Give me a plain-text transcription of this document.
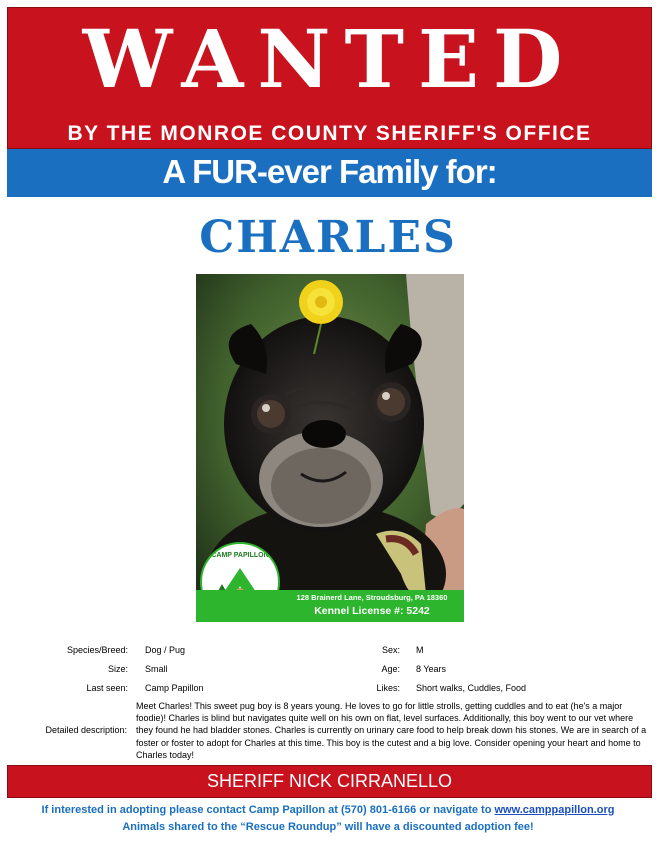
WANTED
BY THE MONROE COUNTY SHERIFF'S OFFICE
A FUR-ever Family for:
CHARLES
CAMP PAPILLON
128 Brainerd Lane, Stroudsburg, PA 18360
Kennel License #: 5242
Species/Breed: Dog / Pug	Sex: M
Size: Small	Age: 8 Years
Last seen: Camp Papillon	Likes: Short walks, Cuddles, Food
Detailed description:
Meet Charles! This sweet pug boy is 8 years young. He loves to go for little strolls, getting cuddles and to eat (he's a major foodie)! Charles is blind but navigates quite well on his own on flat, level surfaces. Additionally, this boy went to our vet where they found he had bladder stones. Charles is currently on urinary care food to help break down his stones. We are in search of a foster or foster to adopt for Charles at this time. This boy is the cutest and a big love. Consider opening your heart and home to Charles today!
SHERIFF NICK CIRRANELLO
If interested in adopting please contact Camp Papillon at (570) 801-6166 or navigate to www.camppapillon.org
Animals shared to the “Rescue Roundup” will have a discounted adoption fee!
